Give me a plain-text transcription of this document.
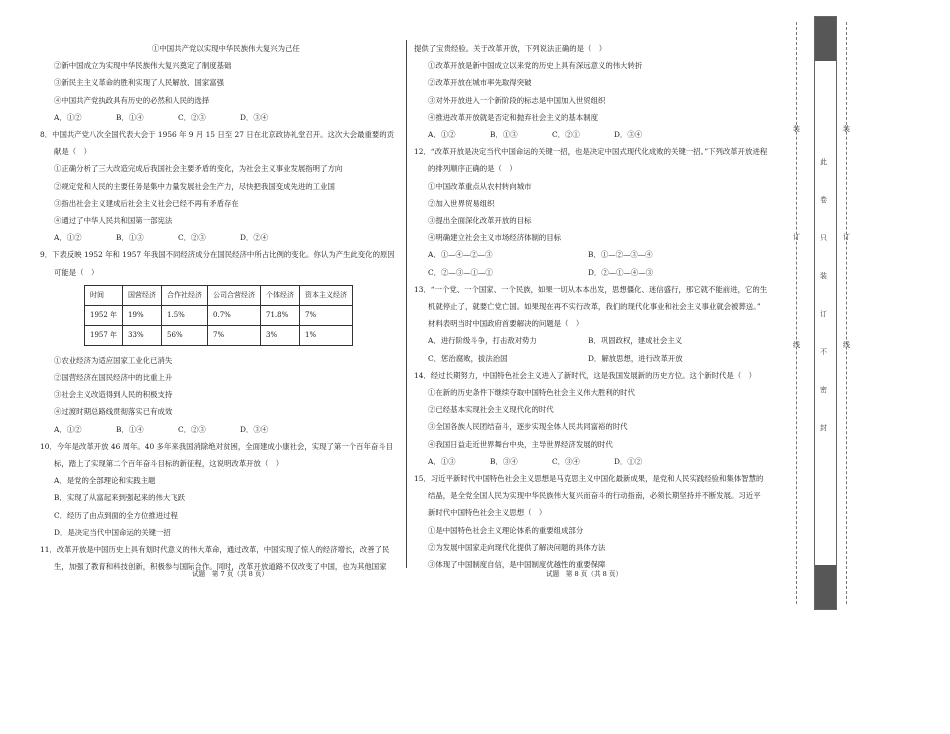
①中国共产党以实现中华民族伟大复兴为己任
②新中国成立为实现中华民族伟大复兴奠定了制度基础
③新民主主义革命的胜利实现了人民解放、国家富强
④中国共产党执政具有历史的必然和人民的选择
A．①②	B．①④	C．②③	D．③④
8．中国共产党八次全国代表大会于 1956 年 9 月 15 日至 27 日在北京政协礼堂召开。这次大会最重要的贡
献是（　）
①正确分析了三大改造完成后我国社会主要矛盾的变化，为社会主义事业发展指明了方向
②规定党和人民的主要任务是集中力量发展社会生产力，尽快把我国变成先进的工业国
③指出社会主义建成后社会主义社会已经不再有矛盾存在
④通过了中华人民共和国第一部宪法
A．①②	B．①③	C．②③	D．②④
9．下表反映 1952 年和 1957 年我国不同经济成分在国民经济中所占比例的变化。你认为产生此变化的原因
可能是（　）
时间	国营经济	合作社经济	公司合营经济	个体经济	资本主义经济
1952 年	19%	1.5%	0.7%	71.8%	7%
1957 年	33%	56%	7%	3%	1%
①农业经济为适应国家工业化已消失
②国营经济在国民经济中的比重上升
③社会主义改造得到人民的积极支持
④过渡时期总路线贯彻落实已有成效
A．①②	B．①④	C．②③	D．③④
10．今年是改革开放 46 周年。40 多年来我国消除绝对贫困，全面建成小康社会，实现了第一个百年奋斗目
标，踏上了实现第二个百年奋斗目标的新征程，这说明改革开放（　）
A．是党的全部理论和实践主题
B．实现了从富起来到强起来的伟大飞跃
C．经历了由点到面的全方位推进过程
D．是决定当代中国命运的关键一招
11．改革开放是中国历史上具有划时代意义的伟大革命，通过改革，中国实现了惊人的经济增长，改善了民
生，加强了教育和科技创新，积极参与国际合作。同时，改革开放道路不仅改变了中国，也为其他国家
提供了宝贵经验。关于改革开放，下列说法正确的是（　）
①改革开放是新中国成立以来党的历史上具有深远意义的伟大转折
②改革开放在城市率先取得突破
③对外开放进入一个新阶段的标志是中国加入世贸组织
④推进改革开放就是否定和抛弃社会主义的基本制度
A．①②	B．①③	C．②①	D．③④
12．“改革开放是决定当代中国命运的关键一招，也是决定中国式现代化成败的关键一招。”下列改革开放进程
的排列顺序正确的是（　）
①中国改革重点从农村转向城市
②加入世界贸易组织
③提出全面深化改革开放的目标
④明确建立社会主义市场经济体制的目标
A．①—④—②—③	B．①—②—③—④
C．②—③—①—①	D．②—①—④—③
13．“一个党、一个国家、一个民族，如果一切从本本出发，思想僵化、迷信盛行，那它就不能前进，它的生
机就停止了，就要亡党亡国。如果现在再不实行改革，我们的现代化事业和社会主义事业就会被葬送。”
材料表明当时中国政府首要解决的问题是（　）
A．进行阶级斗争，打击敌对势力	B．巩固政权，建成社会主义
C．惩治腐败，拔法治国	D．解放思想，进行改革开放
14．经过长期努力，中国特色社会主义进入了新时代，这是我国发展新的历史方位。这个新时代是（　）
①在新的历史条件下继续夺取中国特色社会主义伟大胜利的时代
②已经基本实现社会主义现代化的时代
③全国各族人民团结奋斗，逐步实现全体人民共同富裕的时代
④我国日益走近世界舞台中央，主导世界经济发展的时代
A．①③	B．③④	C．③④	D．①②
15．习近平新时代中国特色社会主义思想是马克思主义中国化最新成果，是党和人民实践经验和集体智慧的
结晶，是全党全国人民为实现中华民族伟大复兴而奋斗的行动指南，必须长期坚持并不断发展。习近平
新时代中国特色社会主义思想（　）
①是中国特色社会主义理论体系的重要组成部分
②为发展中国家走向现代化提供了解决问题的具体方法
③体现了中国制度自信，是中国制度优越性的重要保障
试题　第 7 页（共 8 页）	试题　第 8 页（共 8 页）
此
卷
只
装
订
不
密
封
装
订
线
装
订
线
